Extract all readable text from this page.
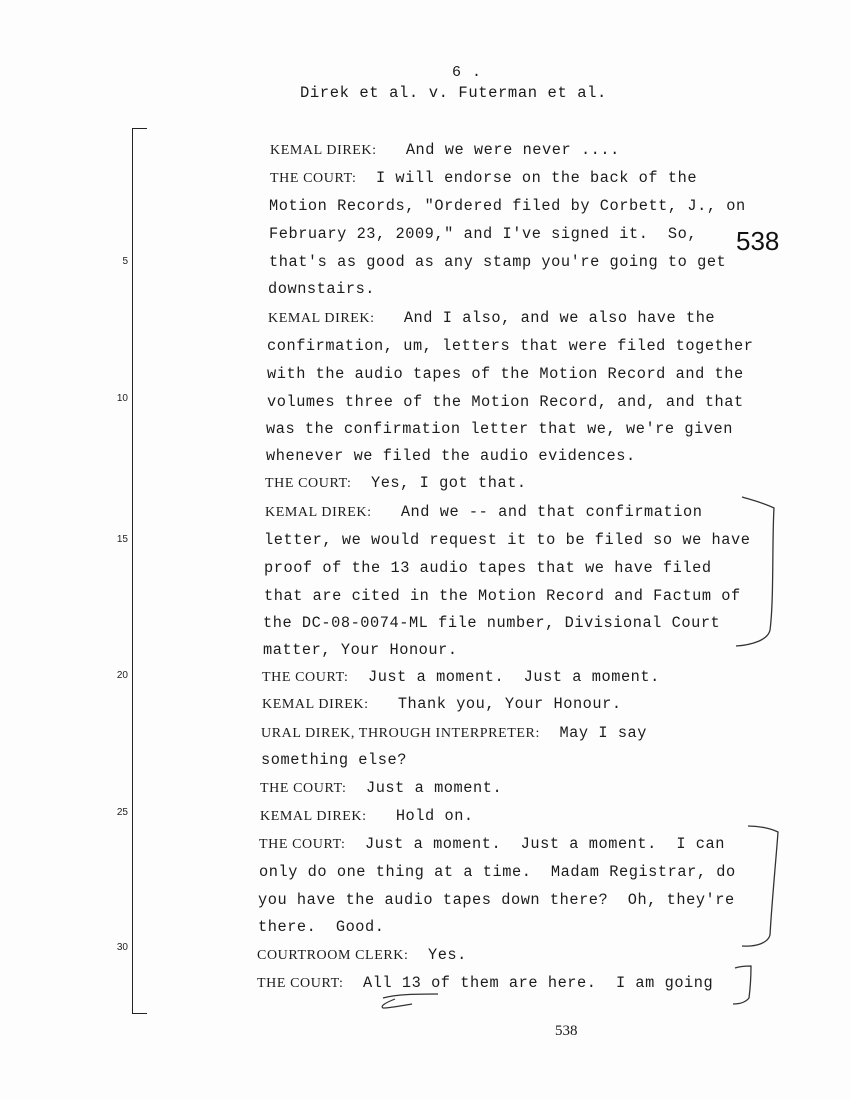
6 .
Direk et al. v. Futerman et al.
538
5
10
15
20
25
30
KEMAL DIREK:   And we were never ....
THE COURT:  I will endorse on the back of the
Motion Records, "Ordered filed by Corbett, J., on
February 23, 2009," and I've signed it.  So,
that's as good as any stamp you're going to get
downstairs.
KEMAL DIREK:   And I also, and we also have the
confirmation, um, letters that were filed together
with the audio tapes of the Motion Record and the
volumes three of the Motion Record, and, and that
was the confirmation letter that we, we're given
whenever we filed the audio evidences.
THE COURT:  Yes, I got that.
KEMAL DIREK:   And we -- and that confirmation
letter, we would request it to be filed so we have
proof of the 13 audio tapes that we have filed
that are cited in the Motion Record and Factum of
the DC-08-0074-ML file number, Divisional Court
matter, Your Honour.
THE COURT:  Just a moment.  Just a moment.
KEMAL DIREK:   Thank you, Your Honour.
URAL DIREK, THROUGH INTERPRETER:  May I say
something else?
THE COURT:  Just a moment.
KEMAL DIREK:   Hold on.
THE COURT:  Just a moment.  Just a moment.  I can
only do one thing at a time.  Madam Registrar, do
you have the audio tapes down there?  Oh, they're
there.  Good.
COURTROOM CLERK:  Yes.
THE COURT:  All 13 of them are here.  I am going
538
